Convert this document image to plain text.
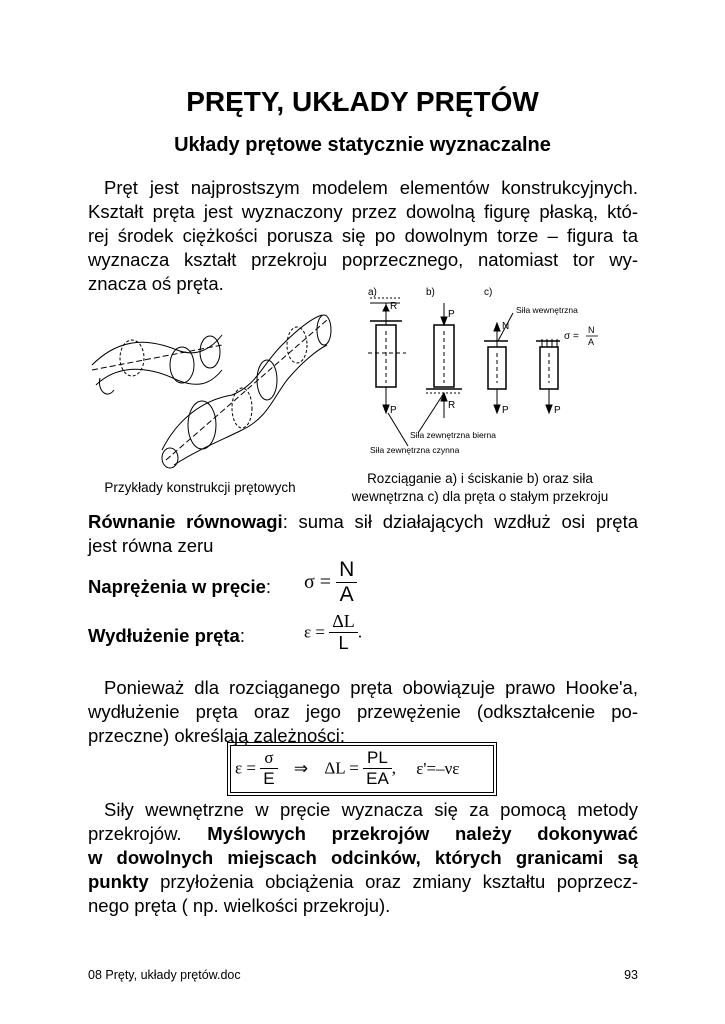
PRĘTY, UKŁADY PRĘTÓW
Układy prętowe statycznie wyznaczalne

Pręt jest najprostszym modelem elementów konstrukcyjnych.

Kształt pręta jest wyznaczony przez dowolną figurę płaską, któ-

rej środek ciężkości porusza się po dowolnym torze – figura ta

wyznacza kształt przekroju poprzecznego, natomiast tor wy-

znacza oś pręta.

Przykłady konstrukcji prętowych
a)	b)	c)
R
P
P
R
N
P	P
Siła wewnętrzna
σ =
N
A
Siła zewnętrzna bierna
Siła zewnętrzna czynna
Rozciąganie a) i ściskanie b) oraz siła
wewnętrzna c) dla pręta o stałym przekroju

Równanie równowagi: suma sił działających wzdłuż osi pręta

jest równa zeru

Naprężenia w pręcie: $\sigma = \frac{N}{A}$
Wydłużenie pręta:	$\varepsilon = \frac{\Delta L}{L}$ .

Ponieważ dla rozciąganego pręta obowiązuje prawo Hooke'a,

wydłużenie pręta oraz jego przewężenie (odkształcenie po-

przeczne) określają zależności:

$\varepsilon = \frac{\sigma}{E}$ ⇒ $\Delta L = \frac{PL}{EA}$ , ε'=–νε

Siły wewnętrzne w pręcie wyznacza się za pomocą metody

przekrojów. Myślowych przekrojów należy dokonywać

w dowolnych miejscach odcinków, których granicami są

punkty przyłożenia obciążenia oraz zmiany kształtu poprzecz-

nego pręta ( np. wielkości przekroju).

08 Pręty, układy prętów.doc	93
